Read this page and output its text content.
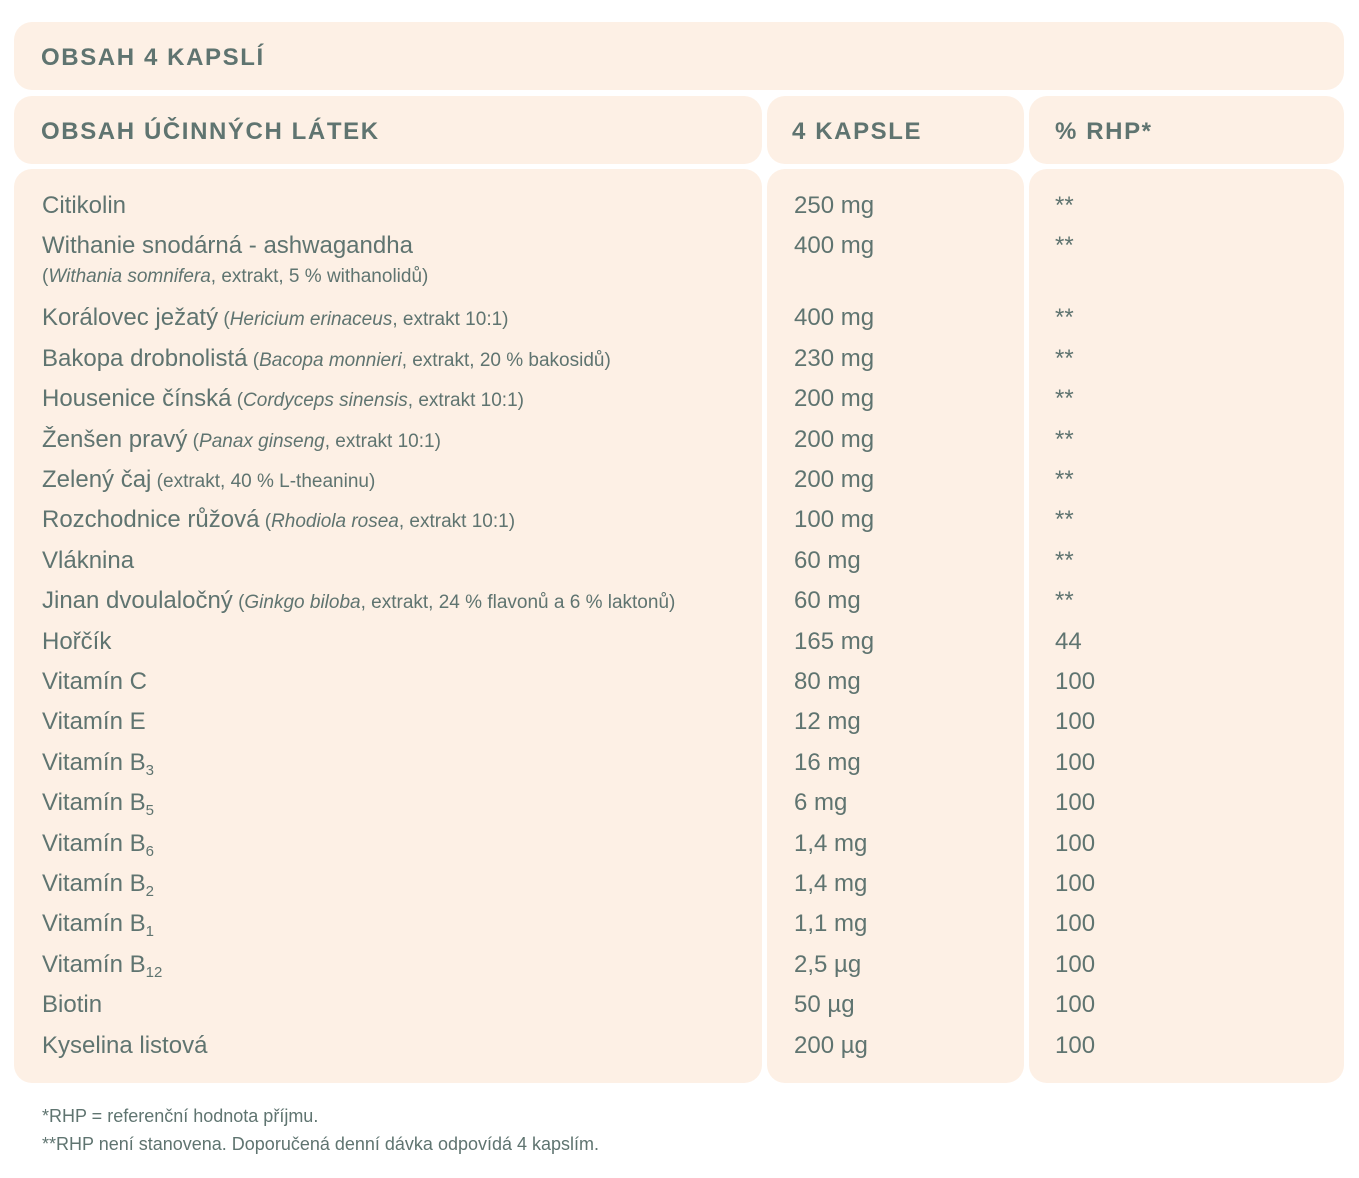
OBSAH 4 KAPSLÍ
OBSAH ÚČINNÝCH LÁTEK	4 KAPSLE	% RHP*
Citikolin
Withanie snodárná - ashwagandha
(Withania somnifera, extrakt, 5 % withanolidů)
Korálovec ježatý (Hericium erinaceus, extrakt 10:1)
Bakopa drobnolistá (Bacopa monnieri, extrakt, 20 % bakosidů)
Housenice čínská (Cordyceps sinensis, extrakt 10:1)
Ženšen pravý (Panax ginseng, extrakt 10:1)
Zelený čaj (extrakt, 40 % L-theaninu)
Rozchodnice růžová (Rhodiola rosea, extrakt 10:1)
Vláknina
Jinan dvoulaločný (Ginkgo biloba, extrakt, 24 % flavonů a 6 % laktonů)
Hořčík
Vitamín C
Vitamín E
Vitamín $B_3$
Vitamín $B_5$
Vitamín $B_6$
Vitamín $B_2$
Vitamín $B_1$
Vitamín $B_{12}$
Biotin
Kyselina listová
250 mg
400 mg
400 mg
230 mg
200 mg
200 mg
200 mg
100 mg
60 mg
60 mg
165 mg
80 mg
12 mg
16 mg
6 mg
1,4 mg
1,4 mg
1,1 mg
2,5 µg
50 µg
200 µg
**
**
**
**
**
**
**
**
**
**
44
100
100
100
100
100
100
100
100
100
100
*RHP = referenční hodnota příjmu.
**RHP není stanovena. Doporučená denní dávka odpovídá 4 kapslím.
